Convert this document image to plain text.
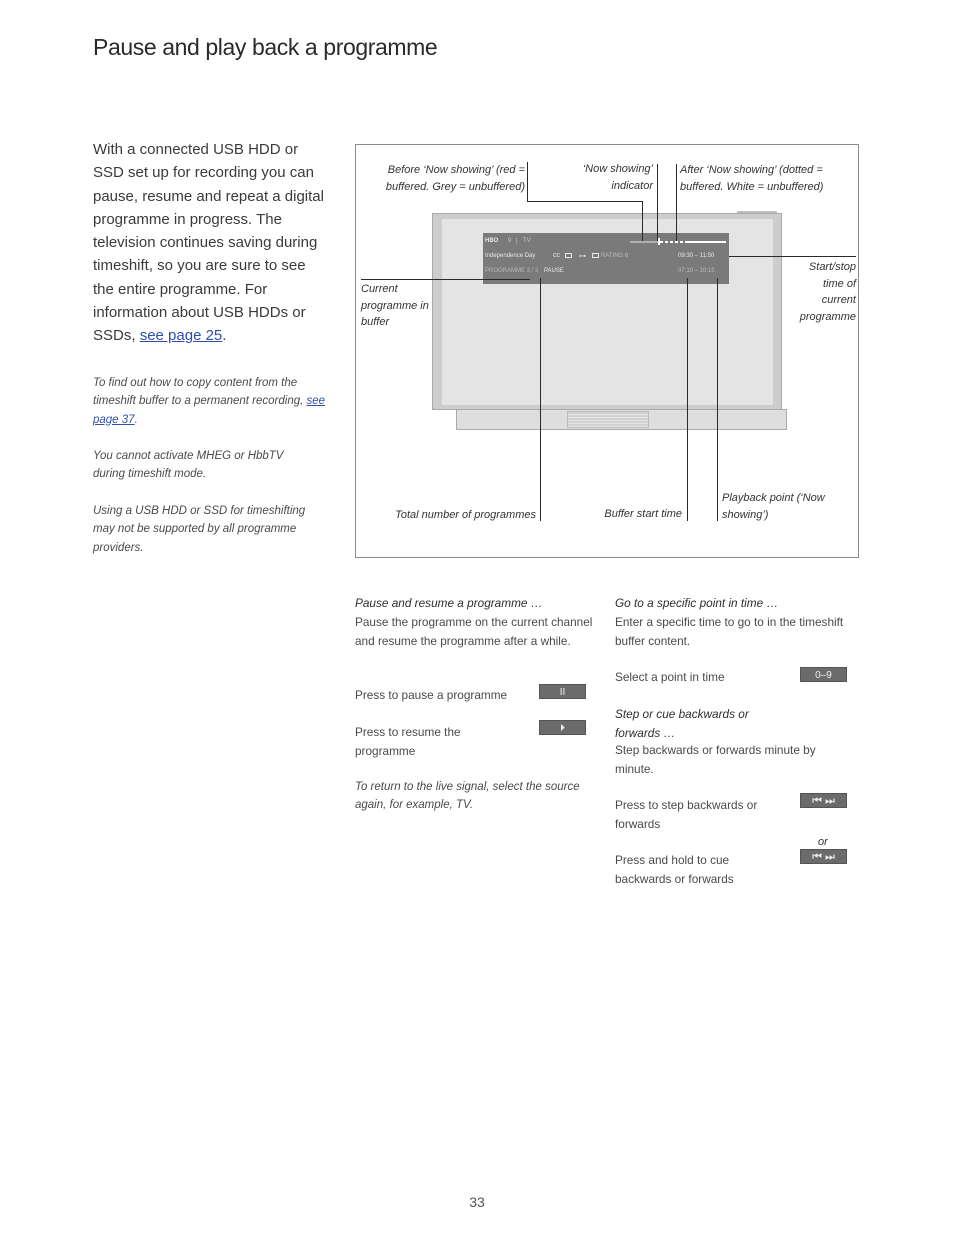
Pause and play back a programme
With a connected USB HDD or SSD set up for recording you can pause, resume and repeat a digital programme in progress. The television continues saving during timeshift, so you are sure to see the entire programme. For information about USB HDDs or SSDs, see page 25.
To find out how to copy content from the timeshift buffer to a permanent recording, see page 37.
You cannot activate MHEG or HbbTV during timeshift mode.
Using a USB HDD or SSD for timeshifting may not be supported by all programme providers.
HBO 9 | TV
Independence Day	cc	⊶	RATING 6	09:30 – 11:50
PROGRAMME 3 / 3 PAUSE	07:10 – 10:15
Before ‘Now showing’ (red = buffered. Grey = unbuffered)
‘Now showing’ indicator
After ‘Now showing’ (dotted = buffered. White = unbuffered)
Start/stop time of current programme
Current programme in buffer
Total number of programmes	Buffer start time
Playback point (‘Now showing’)
Pause and resume a programme …
Pause the programme on the current channel and resume the programme after a while.
Press to pause a programme	II
Press to resume the programme
⏵
To return to the live signal, select the source again, for example, TV.
Go to a specific point in time …
Enter a specific time to go to in the timeshift buffer content.
Select a point in time	0–9
Step or cue backwards or forwards …
Step backwards or forwards minute by minute.
Press to step backwards or forwards
⏮ ⏭
or
Press and hold to cue backwards or forwards
⏮ ⏭
33
